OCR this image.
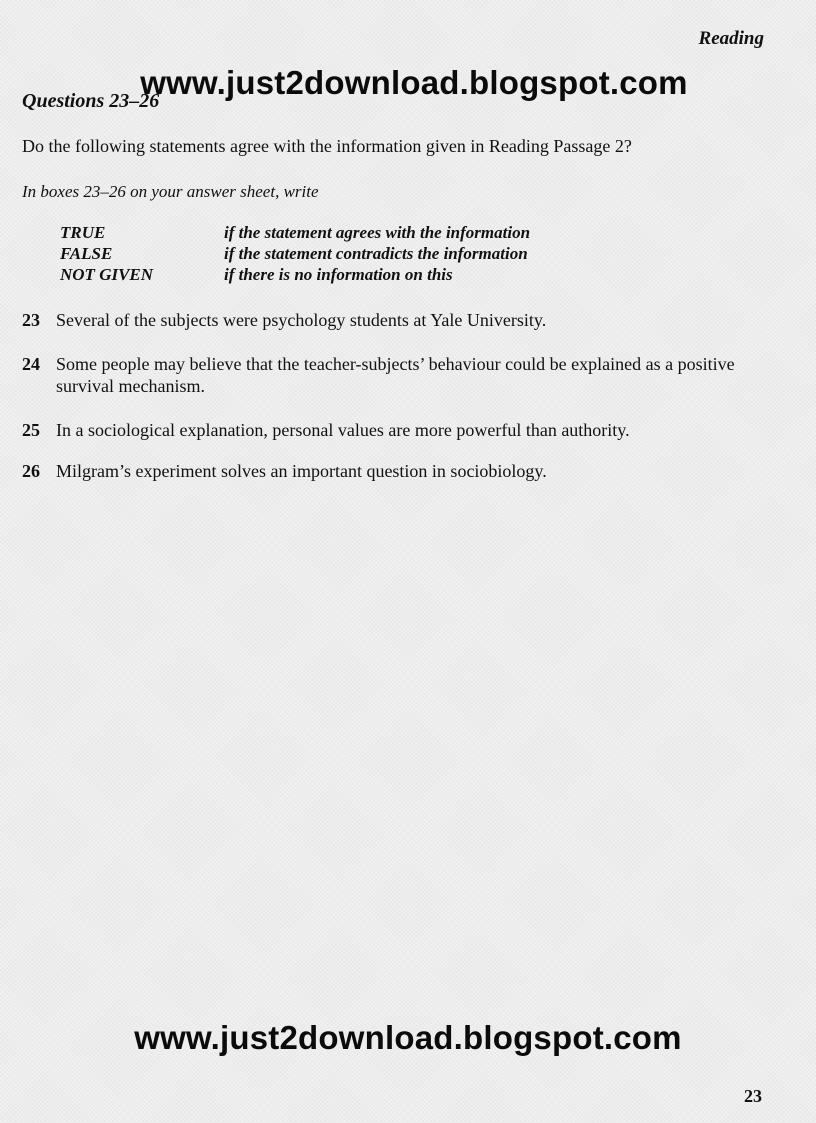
Reading
Questions 23–26
www.just2download.blogspot.com
Do the following statements agree with the information given in Reading Passage 2?
In boxes 23–26 on your answer sheet, write
TRUE	if the statement agrees with the information
FALSE	if the statement contradicts the information
NOT GIVEN	if there is no information on this
23 Several of the subjects were psychology students at Yale University.
24 Some people may believe that the teacher-subjects’ behaviour could be explained as a positive survival mechanism.
25 In a sociological explanation, personal values are more powerful than authority.
26 Milgram’s experiment solves an important question in sociobiology.
www.just2download.blogspot.com
23
